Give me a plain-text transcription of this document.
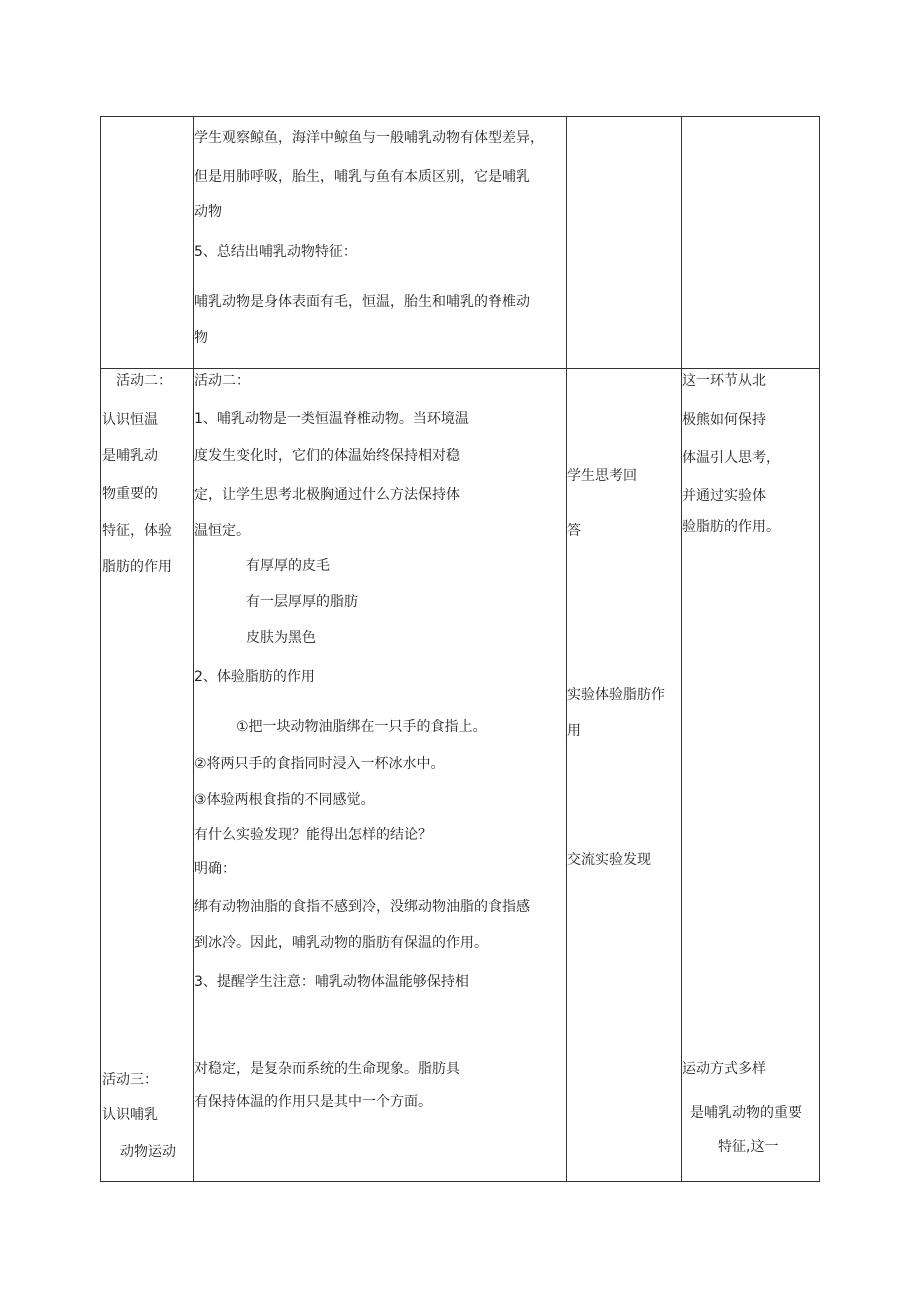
学生观察鲸鱼，海洋中鲸鱼与一般哺乳动物有体型差异，
但是用肺呼吸，胎生，哺乳与鱼有本质区别，它是哺乳
动物
5、总结出哺乳动物特征：
哺乳动物是身体表面有毛，恒温，胎生和哺乳的脊椎动
物
活动二：
认识恒温
是哺乳动
物重要的
特征，体验
脂肪的作用
活动三：
认识哺乳
动物运动
活动二：
1、哺乳动物是一类恒温脊椎动物。当环境温
度发生变化时，它们的体温始终保持相对稳
定，让学生思考北极胸通过什么方法保持体
温恒定。
有厚厚的皮毛
有一层厚厚的脂肪
皮肤为黑色
2、体验脂肪的作用
①把一块动物油脂绑在一只手的食指上。
②将两只手的食指同时浸入一杯冰水中。
③体验两根食指的不同感觉。
有什么实验发现？能得出怎样的结论？
明确：
绑有动物油脂的食指不感到冷，没绑动物油脂的食指感
到冰冷。因此，哺乳动物的脂肪有保温的作用。
3、提醒学生注意：哺乳动物体温能够保持相
对稳定，是复杂而系统的生命现象。脂肪具
有保持体温的作用只是其中一个方面。
学生思考回
答
实验体验脂肪作
用
交流实验发现
这一环节从北
极熊如何保持
体温引人思考，
并通过实验体
验脂肪的作用。
运动方式多样
是哺乳动物的重要
特征,这一
